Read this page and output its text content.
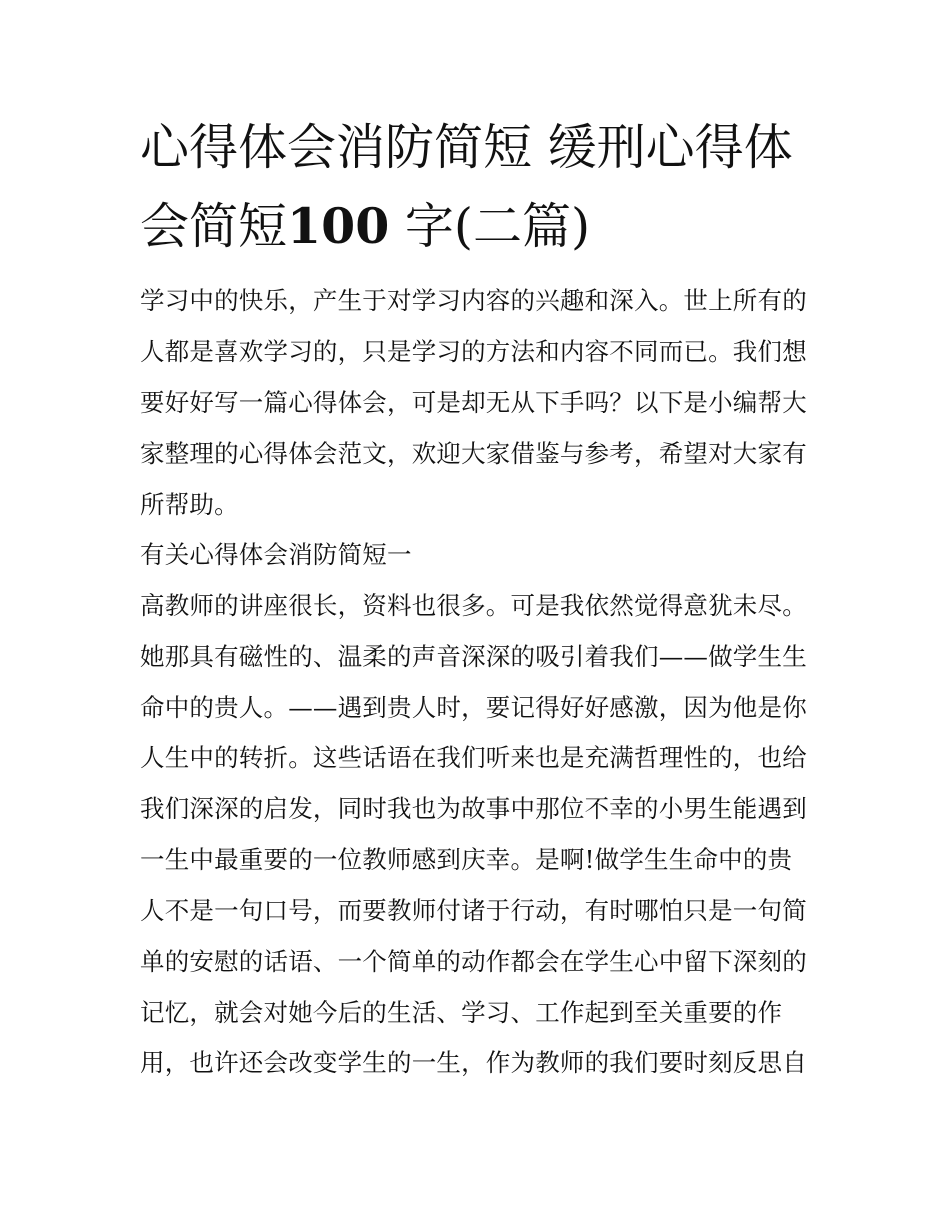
心得体会消防简短 缓刑心得体
会简短100 字(二篇)
学习中的快乐，产生于对学习内容的兴趣和深入。世上所有的
人都是喜欢学习的，只是学习的方法和内容不同而已。我们想
要好好写一篇心得体会，可是却无从下手吗？以下是小编帮大
家整理的心得体会范文，欢迎大家借鉴与参考，希望对大家有
所帮助。
有关心得体会消防简短一
高教师的讲座很长，资料也很多。可是我依然觉得意犹未尽。
她那具有磁性的、温柔的声音深深的吸引着我们——做学生生
命中的贵人。——遇到贵人时，要记得好好感激，因为他是你
人生中的转折。这些话语在我们听来也是充满哲理性的，也给
我们深深的启发，同时我也为故事中那位不幸的小男生能遇到
一生中最重要的一位教师感到庆幸。是啊!做学生生命中的贵
人不是一句口号，而要教师付诸于行动，有时哪怕只是一句简
单的安慰的话语、一个简单的动作都会在学生心中留下深刻的
记忆，就会对她今后的生活、学习、工作起到至关重要的作
用，也许还会改变学生的一生，作为教师的我们要时刻反思自
